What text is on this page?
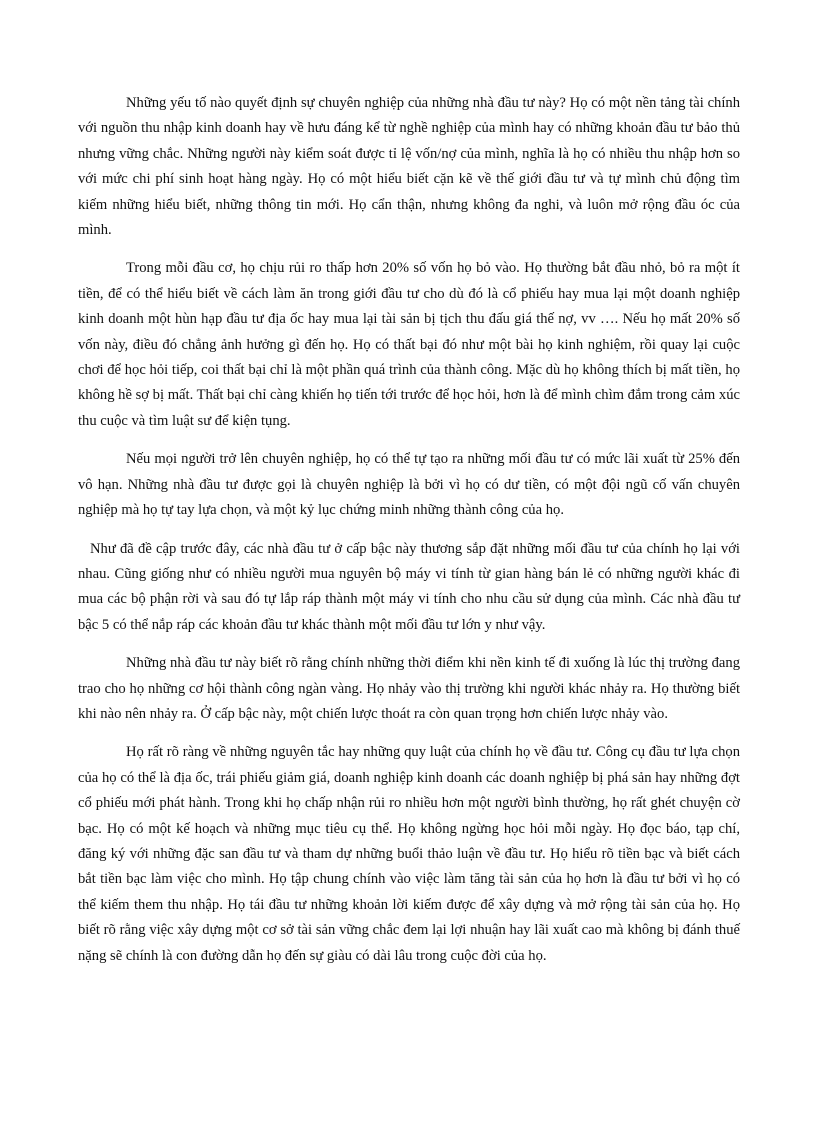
Những yếu tố nào quyết định sự chuyên nghiệp của những nhà đầu tư này? Họ có một nền tảng tài chính với nguồn thu nhập kinh doanh hay về hưu đáng kể từ nghề nghiệp của mình hay có những khoản đầu tư bảo thủ nhưng vững chắc. Những người này kiểm soát được tỉ lệ vốn/nợ của mình, nghĩa là họ có nhiều thu nhập hơn so với mức chi phí sinh hoạt hàng ngày. Họ có một hiểu biết cặn kẽ về thế giới đầu tư và tự mình chủ động tìm kiếm những hiểu biết, những thông tin mới. Họ cẩn thận, nhưng không đa nghi, và luôn mở rộng đầu óc của mình.

Trong mỗi đầu cơ, họ chịu rủi ro thấp hơn 20% số vốn họ bỏ vào. Họ thường bắt đầu nhỏ, bỏ ra một ít tiền, để có thể hiểu biết về cách làm ăn trong giới đầu tư cho dù đó là cổ phiếu hay mua lại một doanh nghiệp kinh doanh một hùn hạp đầu tư địa ốc hay mua lại tài sản bị tịch thu đấu giá thế nợ, vv …. Nếu họ mất 20% số vốn này, điều đó chẳng ảnh hưởng gì đến họ. Họ có thất bại đó như một bài họ kinh nghiệm, rồi quay lại cuộc chơi để học hỏi tiếp, coi thất bại chỉ là một phần quá trình của thành công. Mặc dù họ không thích bị mất tiền, họ không hề sợ bị mất. Thất bại chỉ càng khiến họ tiến tới trước để học hỏi, hơn là để mình chìm đắm trong cảm xúc thu cuộc và tìm luật sư để kiện tụng.

Nếu mọi người trở lên chuyên nghiệp, họ có thể tự tạo ra những mối đầu tư có mức lãi xuất từ 25% đến vô hạn. Những nhà đầu tư được gọi là chuyên nghiệp là bởi vì họ có dư tiền, có một đội ngũ cố vấn chuyên nghiệp mà họ tự tay lựa chọn, và một kỷ lục chứng minh những thành công của họ.

Như đã đề cập trước đây, các nhà đầu tư ở cấp bậc này thương sắp đặt những mối đầu tư của chính họ lại với nhau. Cũng giống như có nhiều người mua nguyên bộ máy vi tính từ gian hàng bán lẻ có những người khác đi mua các bộ phận rời và sau đó tự lắp ráp thành một máy vi tính cho nhu cầu sử dụng của mình. Các nhà đầu tư bậc 5 có thể nắp ráp các khoản đầu tư khác thành một mối đầu tư lớn y như vậy.

Những nhà đầu tư này biết rõ rằng chính những thời điểm khi nền kinh tế đi xuống là lúc thị trường đang trao cho họ những cơ hội thành công ngàn vàng. Họ nhảy vào thị trường khi người khác nhảy ra. Họ thường biết khi nào nên nhảy ra. Ở cấp bậc này, một chiến lược thoát ra còn quan trọng hơn chiến lược nhảy vào.

Họ rất rõ ràng về những nguyên tắc hay những quy luật của chính họ về đầu tư. Công cụ đầu tư lựa chọn của họ có thể là địa ốc, trái phiếu giảm giá, doanh nghiệp kinh doanh các doanh nghiệp bị phá sản hay những đợt cổ phiếu mới phát hành. Trong khi họ chấp nhận rủi ro nhiều hơn một người bình thường, họ rất ghét chuyện cờ bạc. Họ có một kế hoạch và những mục tiêu cụ thể. Họ không ngừng học hỏi mỗi ngày. Họ đọc báo, tạp chí, đăng ký với những đặc san đầu tư và tham dự những buổi thảo luận về đầu tư. Họ hiểu rõ tiền bạc và biết cách bắt tiền bạc làm việc cho mình. Họ tập chung chính vào việc làm tăng tài sản của họ hơn là đầu tư bởi vì họ có thể kiếm them thu nhập. Họ tái đầu tư những khoản lời kiếm được để xây dựng và mở rộng tài sản của họ. Họ biết rõ rằng việc xây dựng một cơ sở tài sản vững chắc đem lại lợi nhuận hay lãi xuất cao mà không bị đánh thuế nặng sẽ chính là con đường dẫn họ đến sự giàu có dài lâu trong cuộc đời của họ.
